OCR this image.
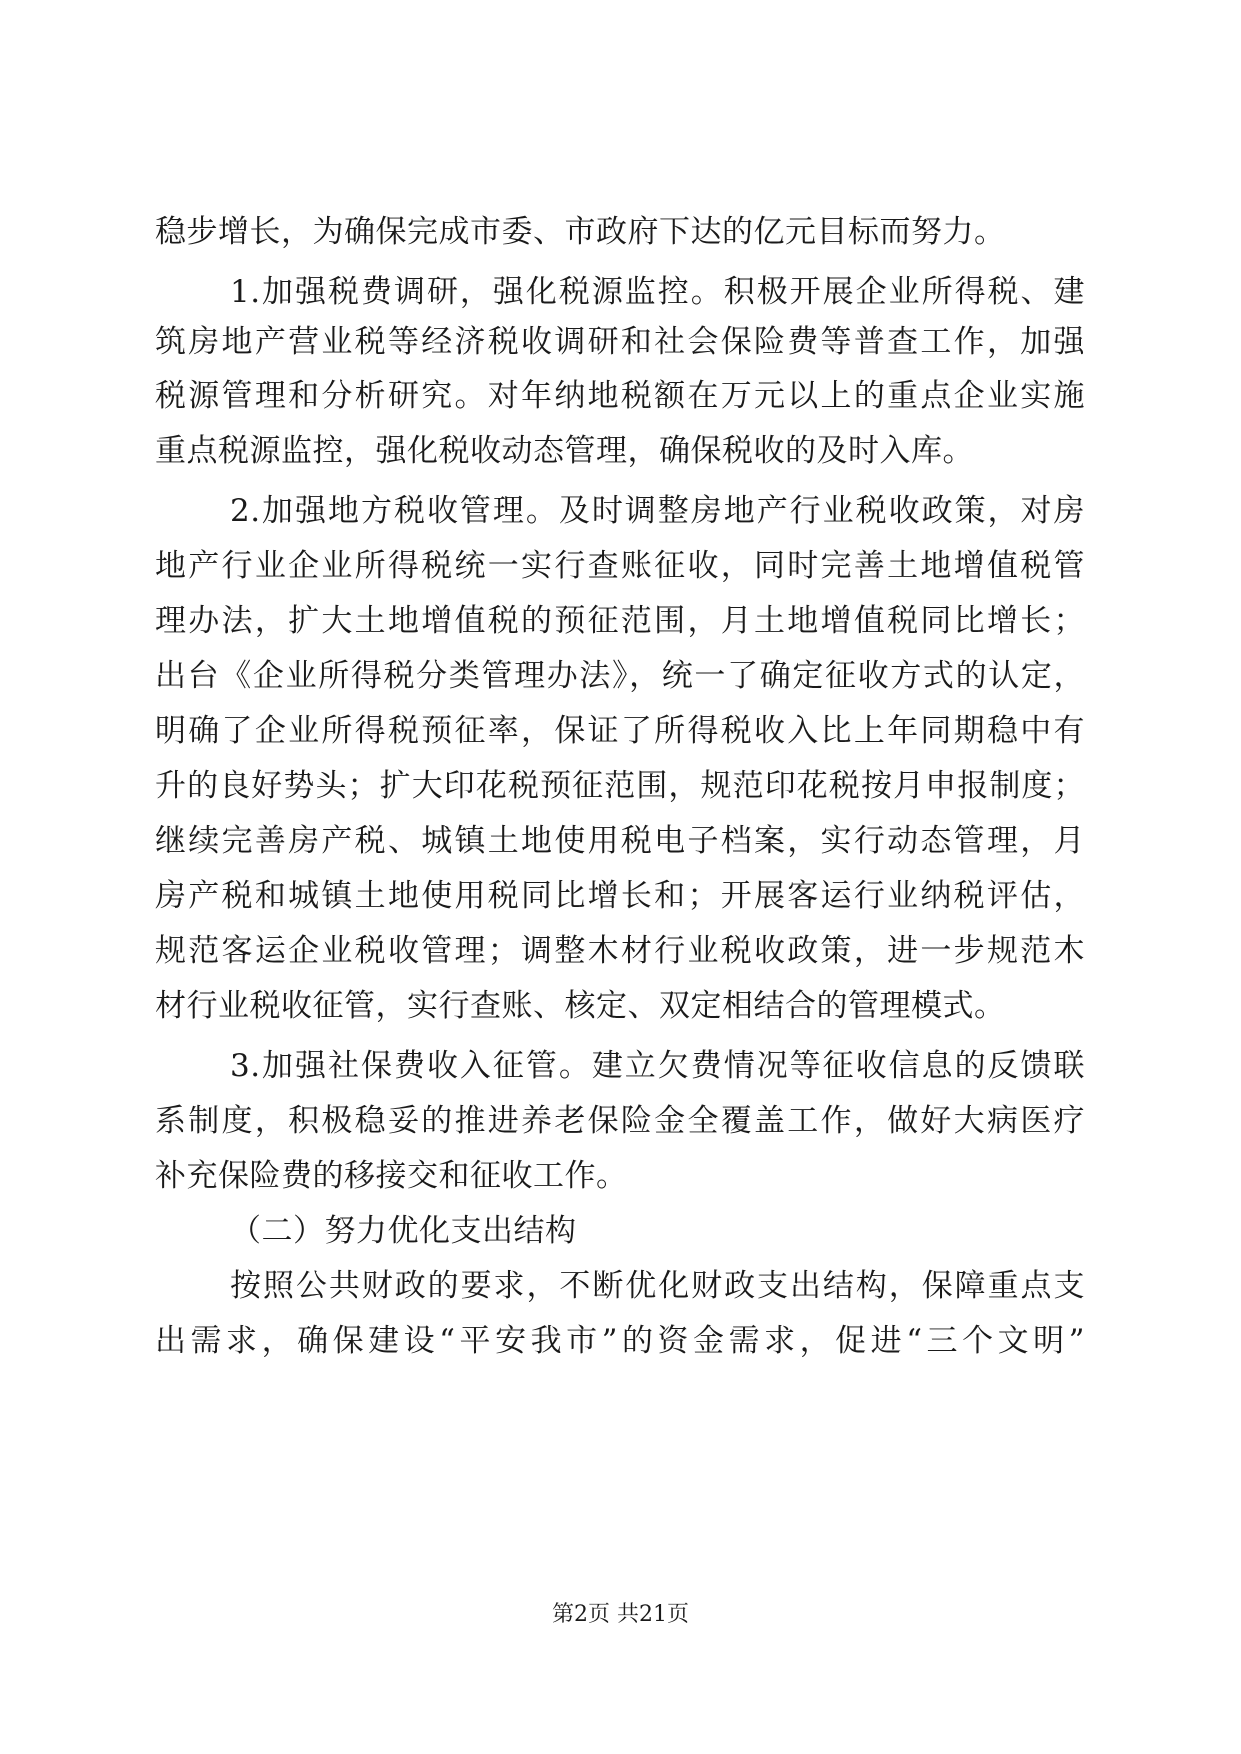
稳步增长，为确保完成市委、市政府下达的亿元目标而努力。
1.加强税费调研，强化税源监控。积极开展企业所得税、建
筑房地产营业税等经济税收调研和社会保险费等普查工作，加强
税源管理和分析研究。对年纳地税额在万元以上的重点企业实施
重点税源监控，强化税收动态管理，确保税收的及时入库。
2.加强地方税收管理。及时调整房地产行业税收政策，对房
地产行业企业所得税统一实行查账征收，同时完善土地增值税管
理办法，扩大土地增值税的预征范围，月土地增值税同比增长；
出台《企业所得税分类管理办法》，统一了确定征收方式的认定，
明确了企业所得税预征率，保证了所得税收入比上年同期稳中有
升的良好势头；扩大印花税预征范围，规范印花税按月申报制度；
继续完善房产税、城镇土地使用税电子档案，实行动态管理，月
房产税和城镇土地使用税同比增长和；开展客运行业纳税评估，
规范客运企业税收管理；调整木材行业税收政策，进一步规范木
材行业税收征管，实行查账、核定、双定相结合的管理模式。
3.加强社保费收入征管。建立欠费情况等征收信息的反馈联
系制度，积极稳妥的推进养老保险金全覆盖工作，做好大病医疗
补充保险费的移接交和征收工作。
（二）努力优化支出结构
按照公共财政的要求，不断优化财政支出结构，保障重点支
出需求，确保建设“平安我市”的资金需求，促进“三个文明”
第2页 共21页
